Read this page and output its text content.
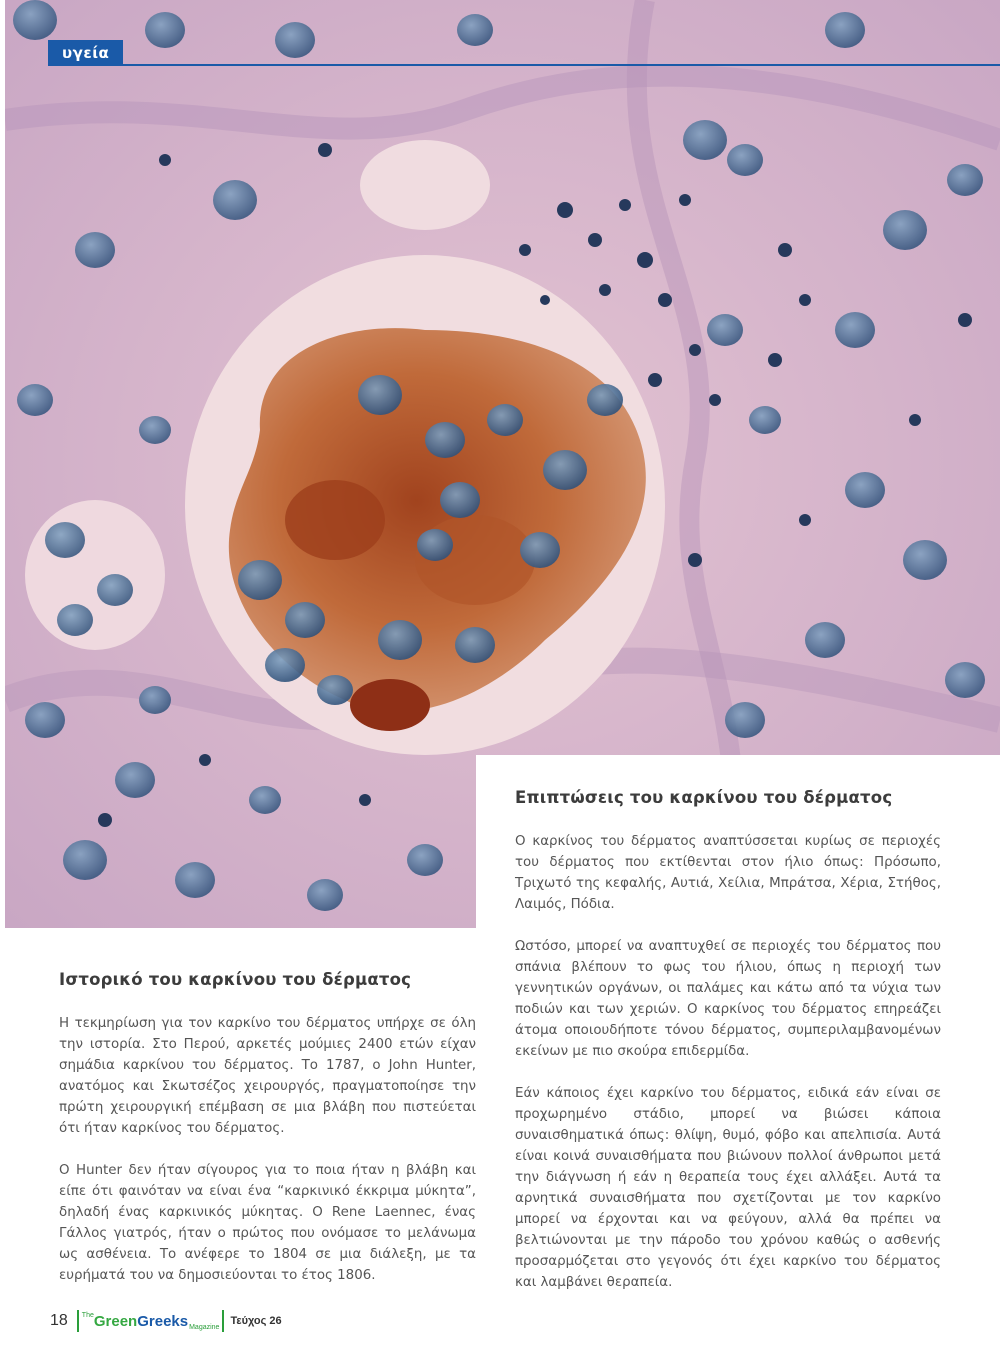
υγεία
Επιπτώσεις του καρκίνου του δέρματος

Ο καρκίνος του δέρματος αναπτύσσεται κυρίως σε περιοχές του δέρματος που εκτίθενται στον ήλιο όπως: Πρόσωπο, Τριχωτό της κεφαλής, Αυτιά, Χείλια, Μπράτσα, Χέρια, Στήθος, Λαιμός, Πόδια.

Ωστόσο, μπορεί να αναπτυχθεί σε περιοχές του δέρματος που σπάνια βλέπουν το φως του ήλιου, όπως η περιοχή των γεννητικών οργάνων, οι παλάμες και κάτω από τα νύχια των ποδιών και των χεριών. Ο καρκίνος του δέρματος επηρεάζει άτομα οποιουδήποτε τόνου δέρματος, συμπεριλαμβανομένων εκείνων με πιο σκούρα επιδερμίδα.

Εάν κάποιος έχει καρκίνο του δέρματος, ειδικά εάν είναι σε προχωρημένο στάδιο, μπορεί να βιώσει κάποια συναισθηματικά όπως: θλίψη, θυμό, φόβο και απελπισία. Αυτά είναι κοινά συναισθήματα που βιώνουν πολλοί άνθρωποι μετά την διάγνωση ή εάν η θεραπεία τους έχει αλλάξει. Αυτά τα αρνητικά συναισθήματα που σχετίζονται με τον καρκίνο μπορεί να έρχονται και να φεύγουν, αλλά θα πρέπει να βελτιώνονται με την πάροδο του χρόνου καθώς ο ασθενής προσαρμόζεται στο γεγονός ότι έχει καρκίνο του δέρματος και λαμβάνει θεραπεία.

Ιστορικό του καρκίνου του δέρματος

Η τεκμηρίωση για τον καρκίνο του δέρματος υπήρχε σε όλη την ιστορία. Στο Περού, αρκετές μούμιες 2400 ετών είχαν σημάδια καρκίνου του δέρματος. Το 1787, ο John Hunter, ανατόμος και Σκωτσέζος χειρουργός, πραγματοποίησε την πρώτη χειρουργική επέμβαση σε μια βλάβη που πιστεύεται ότι ήταν καρκίνος του δέρματος.

Ο Hunter δεν ήταν σίγουρος για το ποια ήταν η βλάβη και είπε ότι φαινόταν να είναι ένα “καρκινικό έκκριμα μύκητα”, δηλαδή ένας καρκινικός μύκητας. Ο Rene Laennec, ένας Γάλλος γιατρός, ήταν ο πρώτος που ονόμασε το μελάνωμα ως ασθένεια. Το ανέφερε το 1804 σε μια διάλεξη, με τα ευρήματά του να δημοσιεύονται το έτος 1806.

18 The Green Greeks Magazine
Τεύχος 26
